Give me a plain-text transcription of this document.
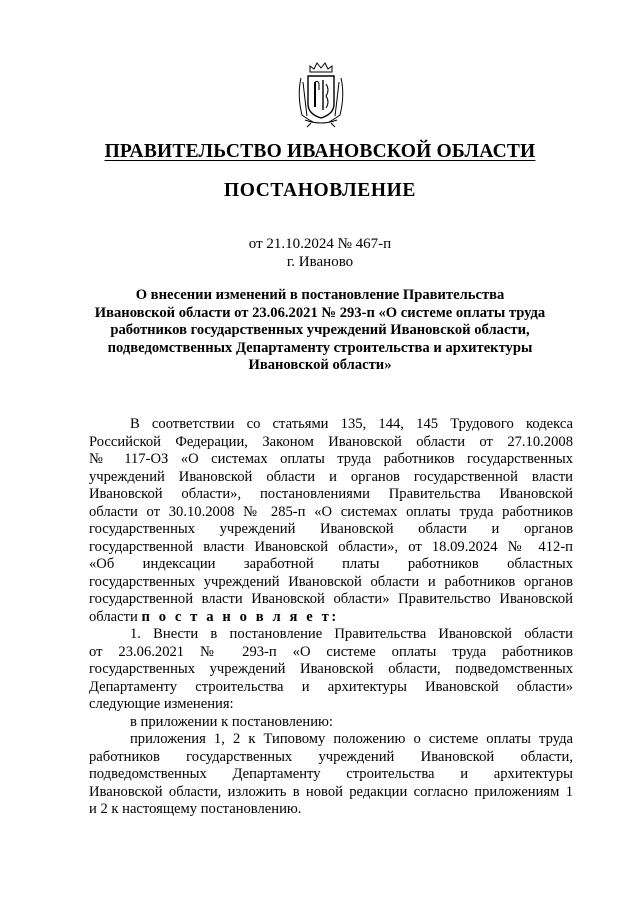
ПРАВИТЕЛЬСТВО ИВАНОВСКОЙ ОБЛАСТИ
ПОСТАНОВЛЕНИЕ
от 21.10.2024 № 467-п
г. Иваново
О внесении изменений в постановление Правительства
Ивановской области от 23.06.2021 № 293-п «О системе оплаты труда
работников государственных учреждений Ивановской области,
подведомственных Департаменту строительства и архитектуры
Ивановской области»
В соответствии со статьями 135, 144, 145 Трудового кодекса
Российской Федерации, Законом Ивановской области от 27.10.2008
№ 117-ОЗ «О системах оплаты труда работников государственных
учреждений Ивановской области и органов государственной власти
Ивановской области», постановлениями Правительства Ивановской
области от 30.10.2008 № 285-п «О системах оплаты труда работников
государственных учреждений Ивановской области и органов
государственной власти Ивановской области», от 18.09.2024 № 412-п
«Об индексации заработной платы работников областных
государственных учреждений Ивановской области и работников органов
государственной власти Ивановской области» Правительство Ивановской
области п о с т а н о в л я е т:
1. Внести в постановление Правительства Ивановской области
от 23.06.2021 № 293-п «О системе оплаты труда работников
государственных учреждений Ивановской области, подведомственных
Департаменту строительства и архитектуры Ивановской области»
следующие изменения:
в приложении к постановлению:
приложения 1, 2 к Типовому положению о системе оплаты труда
работников государственных учреждений Ивановской области,
подведомственных Департаменту строительства и архитектуры
Ивановской области, изложить в новой редакции согласно приложениям 1
и 2 к настоящему постановлению.
